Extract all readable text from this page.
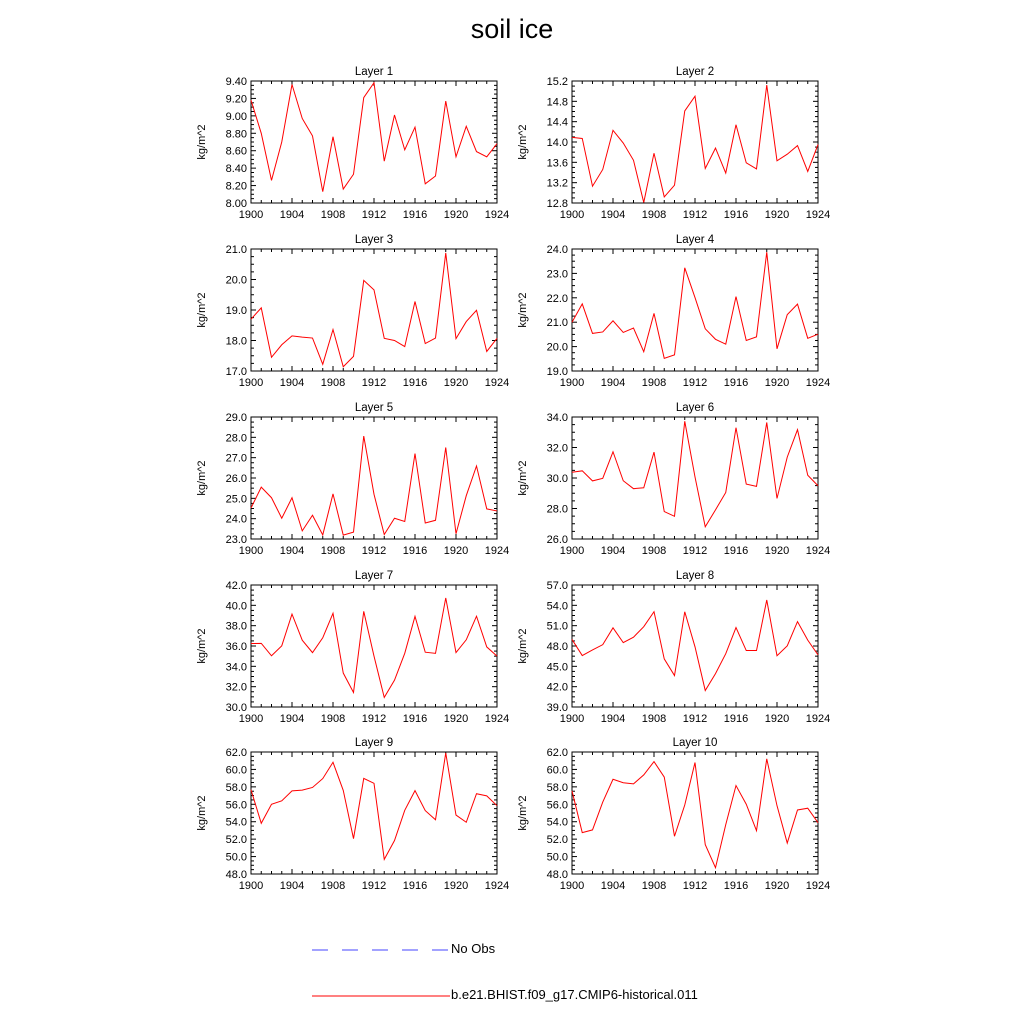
soil ice
Layer 1
1900 1904 1908 1912 1916 1920 1924
8.00
8.20
8.40
8.60
8.80
9.00
9.20
9.40
kg/m^2
Layer 2
1900 1904 1908 1912 1916 1920 1924
12.8
13.2
13.6
14.0
14.4
14.8
15.2
kg/m^2
Layer 3
1900 1904 1908 1912 1916 1920 1924
17.0
18.0
19.0
20.0
21.0
kg/m^2
Layer 4
1900 1904 1908 1912 1916 1920 1924
19.0
20.0
21.0
22.0
23.0
24.0
kg/m^2
Layer 5
1900 1904 1908 1912 1916 1920 1924
23.0
24.0
25.0
26.0
27.0
28.0
29.0
kg/m^2
Layer 6
1900 1904 1908 1912 1916 1920 1924
26.0
28.0
30.0
32.0
34.0
kg/m^2
Layer 7
1900 1904 1908 1912 1916 1920 1924
30.0
32.0
34.0
36.0
38.0
40.0
42.0
kg/m^2
Layer 8
1900 1904 1908 1912 1916 1920 1924
39.0
42.0
45.0
48.0
51.0
54.0
57.0
kg/m^2
Layer 9
1900 1904 1908 1912 1916 1920 1924
48.0
50.0
52.0
54.0
56.0
58.0
60.0
62.0
kg/m^2
Layer 10
1900 1904 1908 1912 1916 1920 1924
48.0
50.0
52.0
54.0
56.0
58.0
60.0
62.0
kg/m^2
No Obs
b.e21.BHIST.f09_g17.CMIP6-historical.011
